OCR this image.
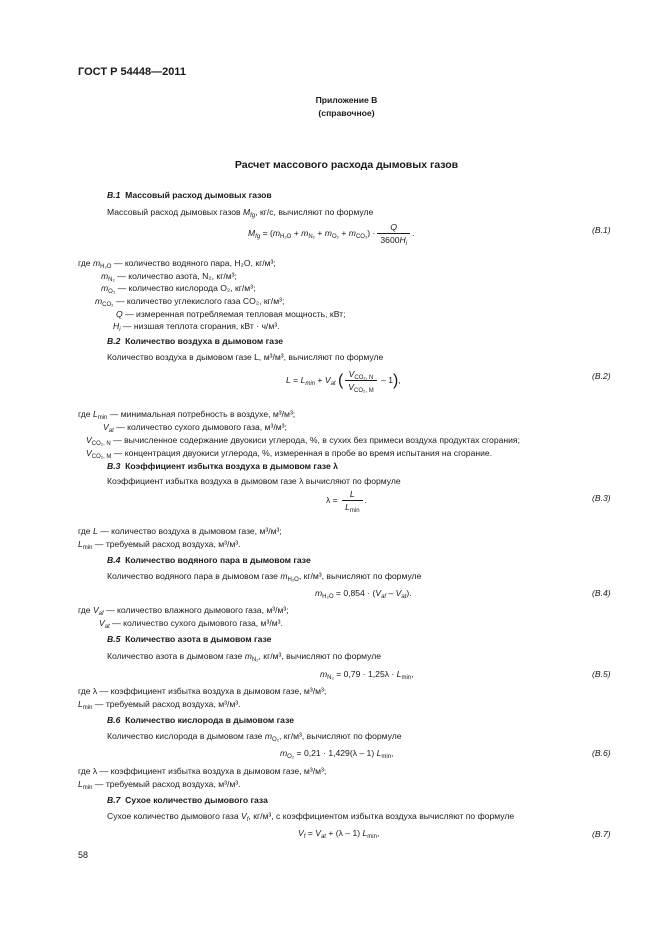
ГОСТ Р 54448—2011
Приложение В
(справочное)
Расчет массового расхода дымовых газов
В.1 Массовый расход дымовых газов
Массовый расход дымовых газов $M_{fg}$, кг/с, вычисляют по формуле
$M_{fg} = (m_{H_2O} + m_{N_2} + m_{O_2} + m_{CO_2}) \cdot \frac{Q}{3600H_i}$ .	(В.1)
где $m_{H_2O}$ — количество водяного пара, H₂O, кг/м³;
$m_{N_2}$ — количество азота, N₂, кг/м³;
$m_{O_2}$ — количество кислорода O₂, кг/м³;
$m_{CO_2}$ — количество углекислого газа CO₂, кг/м³;
Q — измеренная потребляемая тепловая мощность, кВт;
$H_i$ — низшая теплота сгорания, кВт · ч/м³.
В.2 Количество воздуха в дымовом газе
Количество воздуха в дымовом газе L, м³/м³, вычисляют по формуле
$L = L_{min} + V_{at}$ ( $\frac{V_{CO_2, N}}{V_{CO_2, M}} - 1$),	(В.2)
где $L_{min}$ — минимальная потребность в воздухе, м³/м³;
$V_{at}$ — количество сухого дымового газа, м³/м³;
$V_{CO_2, N}$ — вычисленное содержание двуокиси углерода, %, в сухих без примеси воздуха продуктах сгорания;
$V_{CO_2, M}$ — концентрация двуокиси углерода, %, измеренная в пробе во время испытания на сгорание.
В.3 Коэффициент избытка воздуха в дымовом газе λ
Коэффициент избытка воздуха в дымовом газе λ вычисляют по формуле
$\lambda = \frac{L}{L_{min}}$ .	(В.3)
где L — количество воздуха в дымовом газе, м³/м³;
$L_{min}$ — требуемый расход воздуха, м³/м³.
В.4 Количество водяного пара в дымовом газе
Количество водяного пара в дымовом газе $m_{H_2O}$, кг/м³, вычисляют по формуле
$m_{H_2O} = 0,854 \cdot (V_{af} - V_{at})$.	(В.4)
где $V_{af}$ — количество влажного дымового газа, м³/м³;
$V_{at}$ — количество сухого дымового газа, м³/м³.
В.5 Количество азота в дымовом газе
Количество азота в дымовом газе $m_{N_2}$, кг/м³, вычисляют по формуле
$m_{N_2} = 0,79 \cdot 1,25\lambda \cdot L_{min}$,	(В.5)
где λ — коэффициент избытка воздуха в дымовом газе, м³/м³;
$L_{min}$ — требуемый расход воздуха, м³/м³.
В.6 Количество кислорода в дымовом газе
Количество кислорода в дымовом газе $m_{O_2}$, кг/м³, вычисляют по формуле
$m_{O_2} = 0,21 \cdot 1,429(\lambda - 1)$ $L_{min}$,	(В.6)
где λ — коэффициент избытка воздуха в дымовом газе, м³/м³;
$L_{min}$ — требуемый расход воздуха, м³/м³.
В.7 Сухое количество дымового газа
Сухое количество дымового газа $V_f$, кг/м³, с коэффициентом избытка воздуха вычисляют по формуле
$V_f = V_{at} + (\lambda - 1)$ $L_{min}$,	(В.7)
58
